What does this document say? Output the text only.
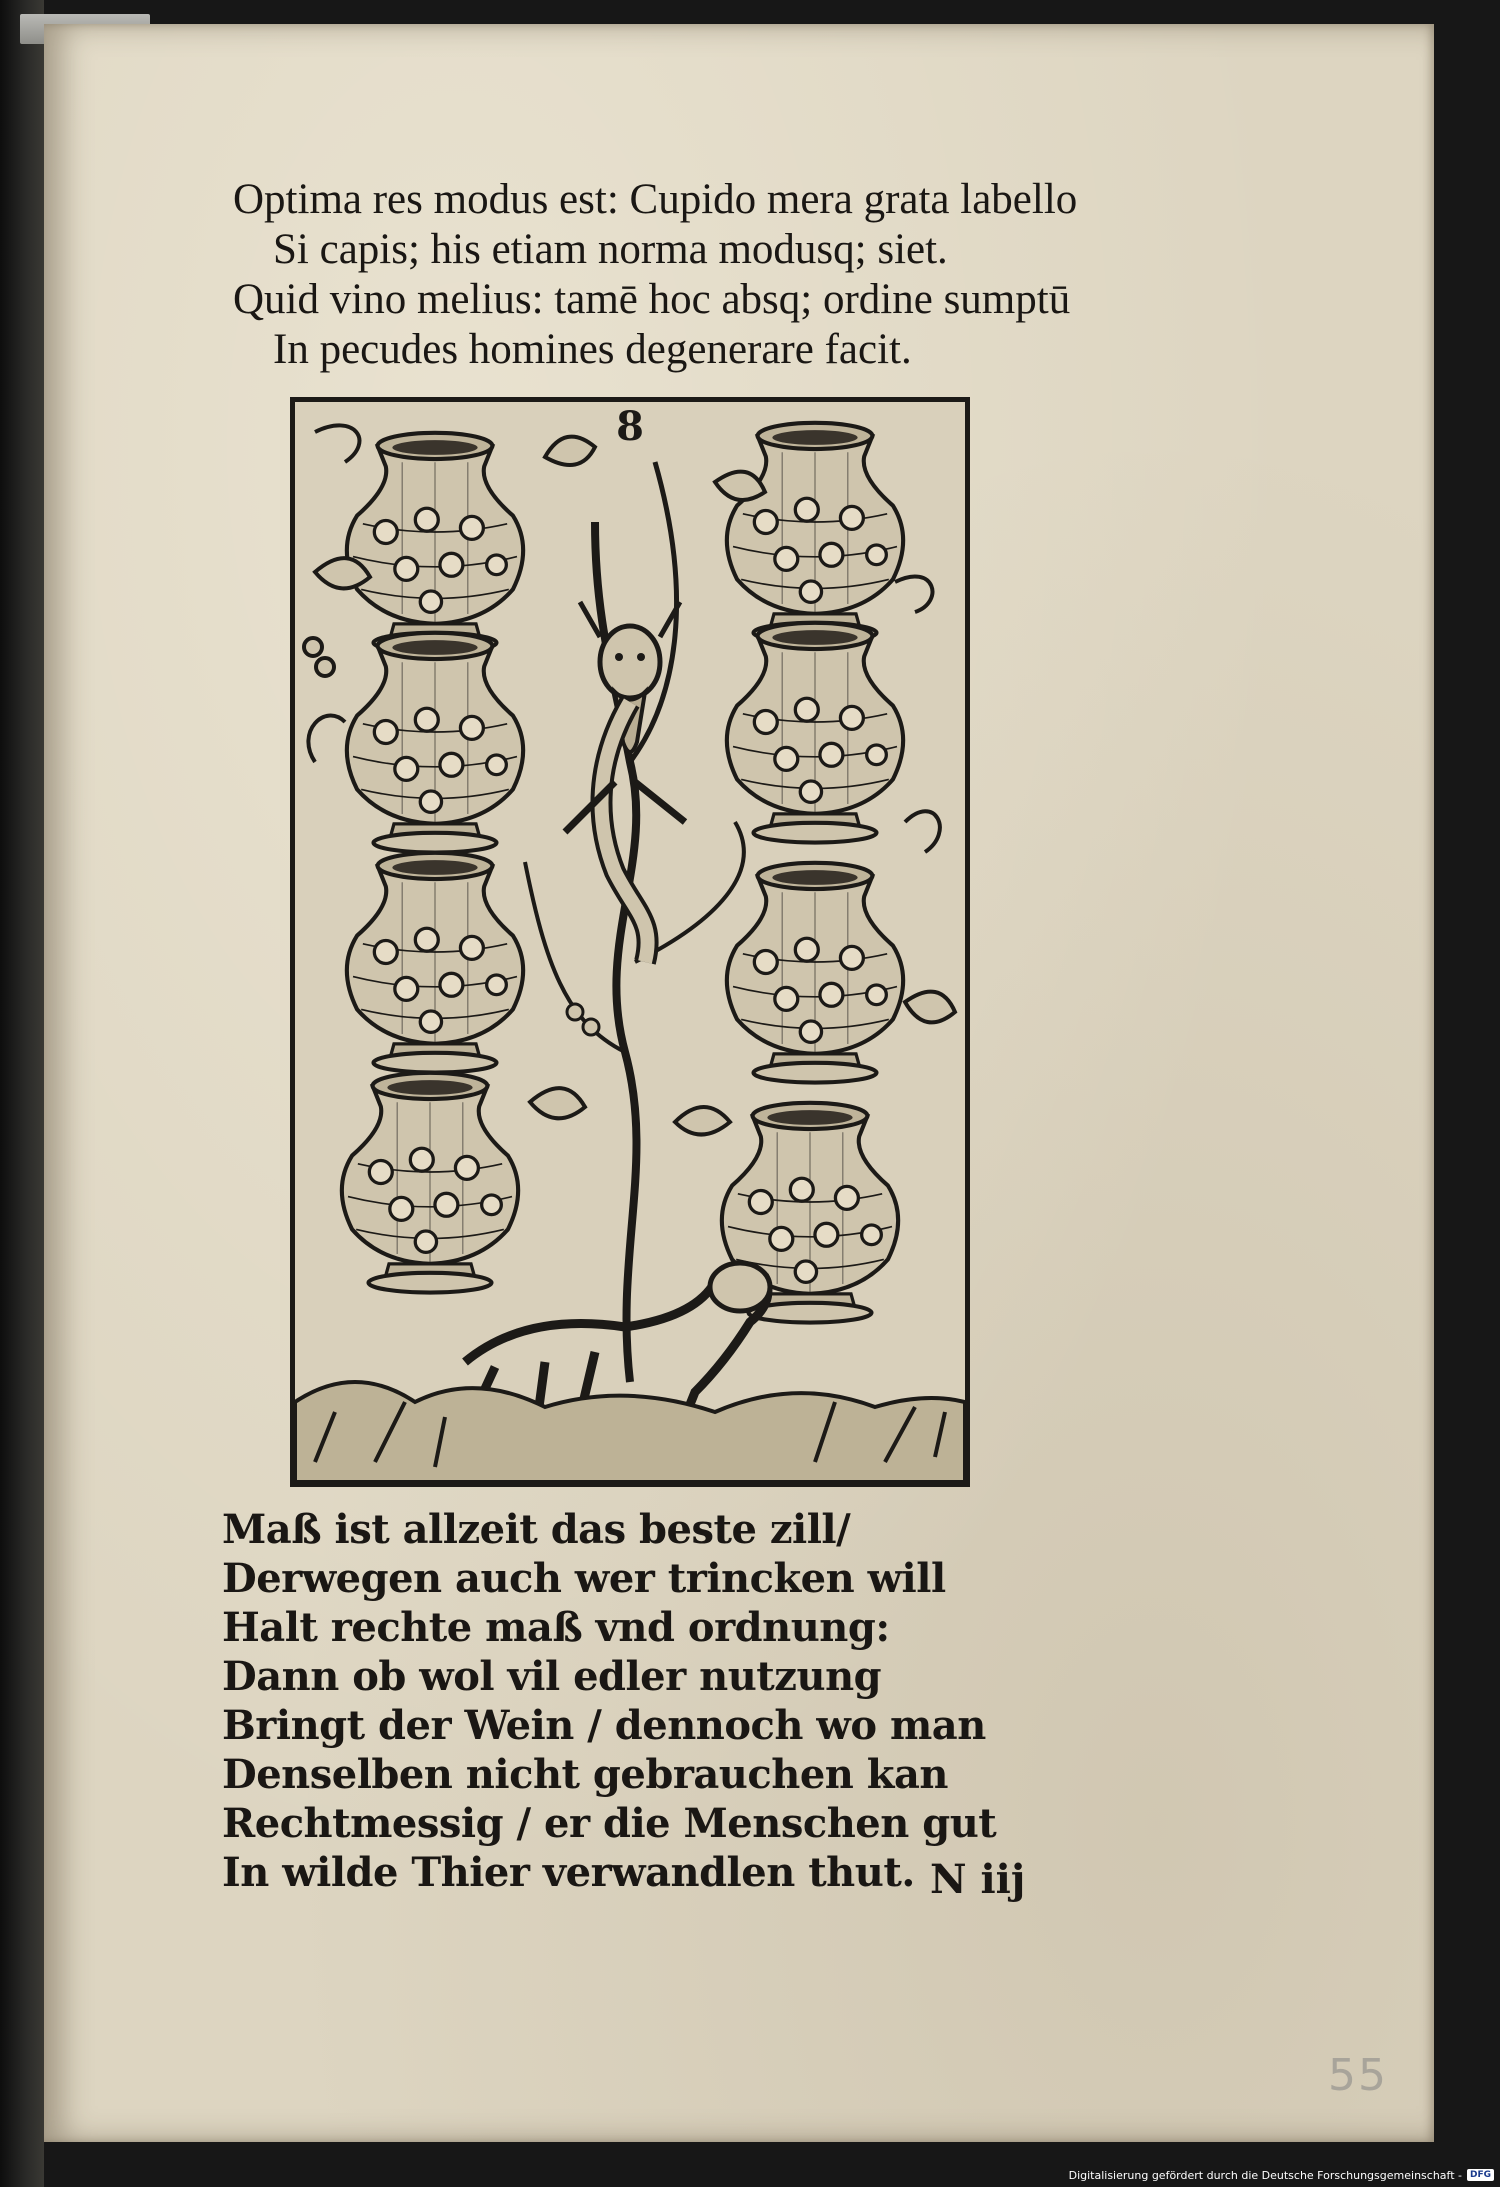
Optima res modus est: Cupido mera grata labello
Si capis; his etiam norma modusq; siet.
Quid vino melius: tamē hoc absq; ordine sumptū
In pecudes homines degenerare facit.
8
Maß ist allzeit das beste zill/
Derwegen auch wer trincken will
Halt rechte maß vnd ordnung:
Dann ob wol vil edler nutzung
Bringt der Wein / dennoch wo man
Denselben nicht gebrauchen kan
Rechtmessig / er die Menschen gut
In wilde Thier verwandlen thut. N iij
55
Digitalisierung gefördert durch die Deutsche Forschungsgemeinschaft - DFG
